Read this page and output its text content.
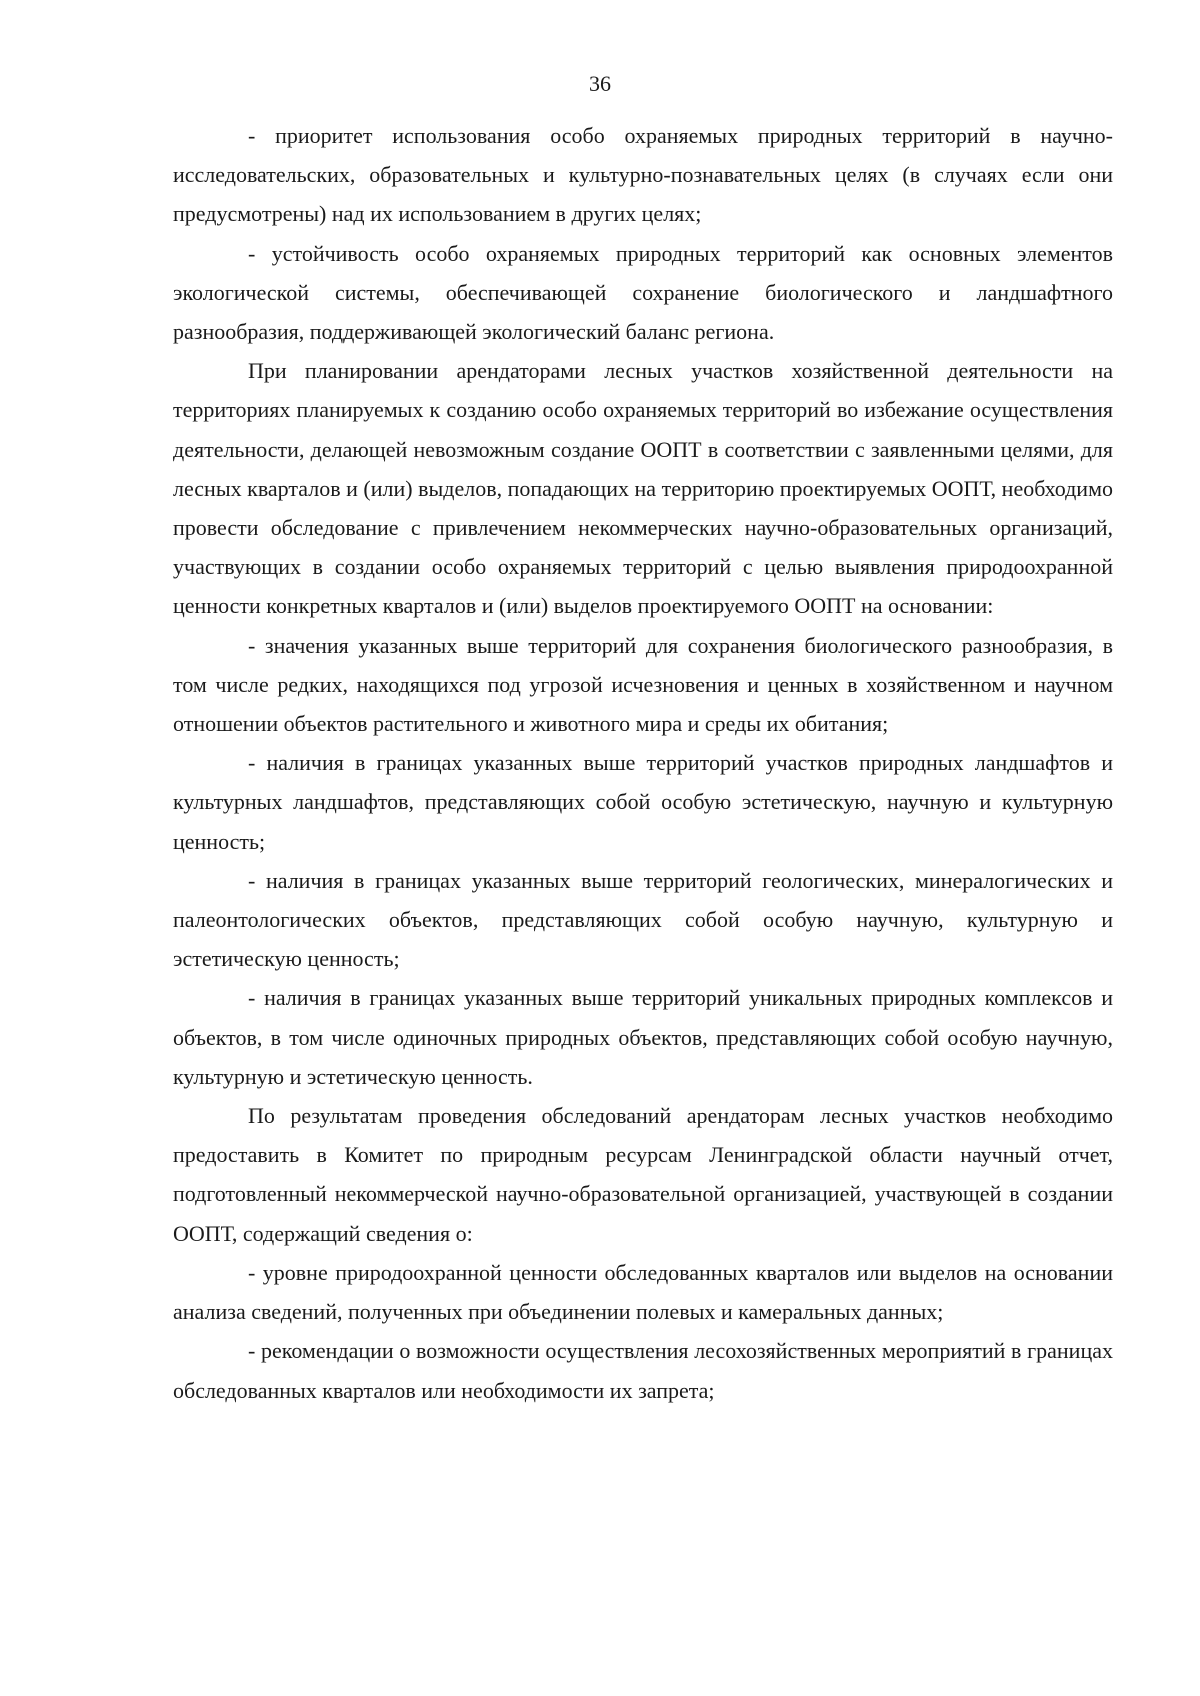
36

- приоритет использования особо охраняемых природных территорий в научно-исследовательских, образовательных и культурно-познавательных целях (в случаях если они предусмотрены) над их использованием в других целях;

- устойчивость особо охраняемых природных территорий как основных элементов экологической системы, обеспечивающей сохранение биологического и ландшафтного разнообразия, поддерживающей экологический баланс региона.

При планировании арендаторами лесных участков хозяйственной деятельности на территориях планируемых к созданию особо охраняемых территорий во избежание осуществления деятельности, делающей невозможным создание ООПТ в соответствии с заявленными целями, для лесных кварталов и (или) выделов, попадающих на территорию проектируемых ООПТ, необходимо провести обследование с привлечением некоммерческих научно-образовательных организаций, участвующих в создании особо охраняемых территорий с целью выявления природоохранной ценности конкретных кварталов и (или) выделов проектируемого ООПТ на основании:

- значения указанных выше территорий для сохранения биологического разнообразия, в том числе редких, находящихся под угрозой исчезновения и ценных в хозяйственном и научном отношении объектов растительного и животного мира и среды их обитания;

- наличия в границах указанных выше территорий участков природных ландшафтов и культурных ландшафтов, представляющих собой особую эстетическую, научную и культурную ценность;

- наличия в границах указанных выше территорий геологических, минералогических и палеонтологических объектов, представляющих собой особую научную, культурную и эстетическую ценность;

- наличия в границах указанных выше территорий уникальных природных комплексов и объектов, в том числе одиночных природных объектов, представляющих собой особую научную, культурную и эстетическую ценность.

По результатам проведения обследований арендаторам лесных участков необходимо предоставить в Комитет по природным ресурсам Ленинградской области научный отчет, подготовленный некоммерческой научно-образовательной организацией, участвующей в создании ООПТ, содержащий сведения о:

- уровне природоохранной ценности обследованных кварталов или выделов на основании анализа сведений, полученных при объединении полевых и камеральных данных;

- рекомендации о возможности осуществления лесохозяйственных мероприятий в границах обследованных кварталов или необходимости их запрета;
